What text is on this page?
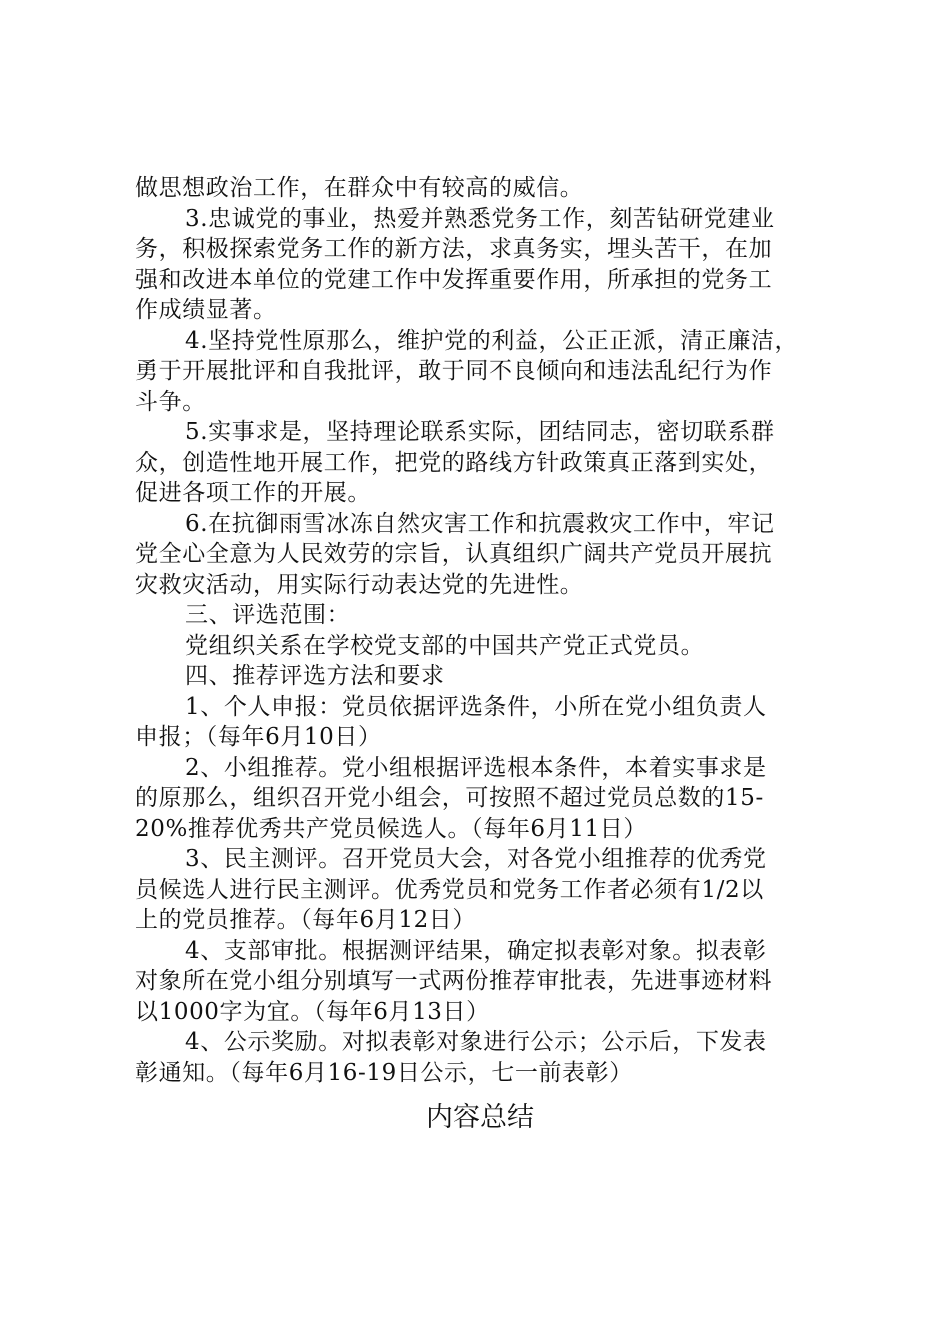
做思想政治工作，在群众中有较高的威信。
3.忠诚党的事业，热爱并熟悉党务工作，刻苦钻研党建业
务，积极探索党务工作的新方法，求真务实，埋头苦干，在加
强和改进本单位的党建工作中发挥重要作用，所承担的党务工
作成绩显著。
4.坚持党性原那么，维护党的利益，公正正派，清正廉洁，
勇于开展批评和自我批评，敢于同不良倾向和违法乱纪行为作
斗争。
5.实事求是，坚持理论联系实际，团结同志，密切联系群
众，创造性地开展工作，把党的路线方针政策真正落到实处，
促进各项工作的开展。
6.在抗御雨雪冰冻自然灾害工作和抗震救灾工作中，牢记
党全心全意为人民效劳的宗旨，认真组织广阔共产党员开展抗
灾救灾活动，用实际行动表达党的先进性。
三、评选范围：
党组织关系在学校党支部的中国共产党正式党员。
四、推荐评选方法和要求
1、个人申报：党员依据评选条件，小所在党小组负责人
申报；（每年6月10日）
2、小组推荐。党小组根据评选根本条件，本着实事求是
的原那么，组织召开党小组会，可按照不超过党员总数的15-
20%推荐优秀共产党员候选人。（每年6月11日）
3、民主测评。召开党员大会，对各党小组推荐的优秀党
员候选人进行民主测评。优秀党员和党务工作者必须有1/2以
上的党员推荐。（每年6月12日）
4、支部审批。根据测评结果，确定拟表彰对象。拟表彰
对象所在党小组分别填写一式两份推荐审批表，先进事迹材料
以1000字为宜。（每年6月13日）
4、公示奖励。对拟表彰对象进行公示；公示后，下发表
彰通知。（每年6月16-19日公示，七一前表彰）
内容总结
